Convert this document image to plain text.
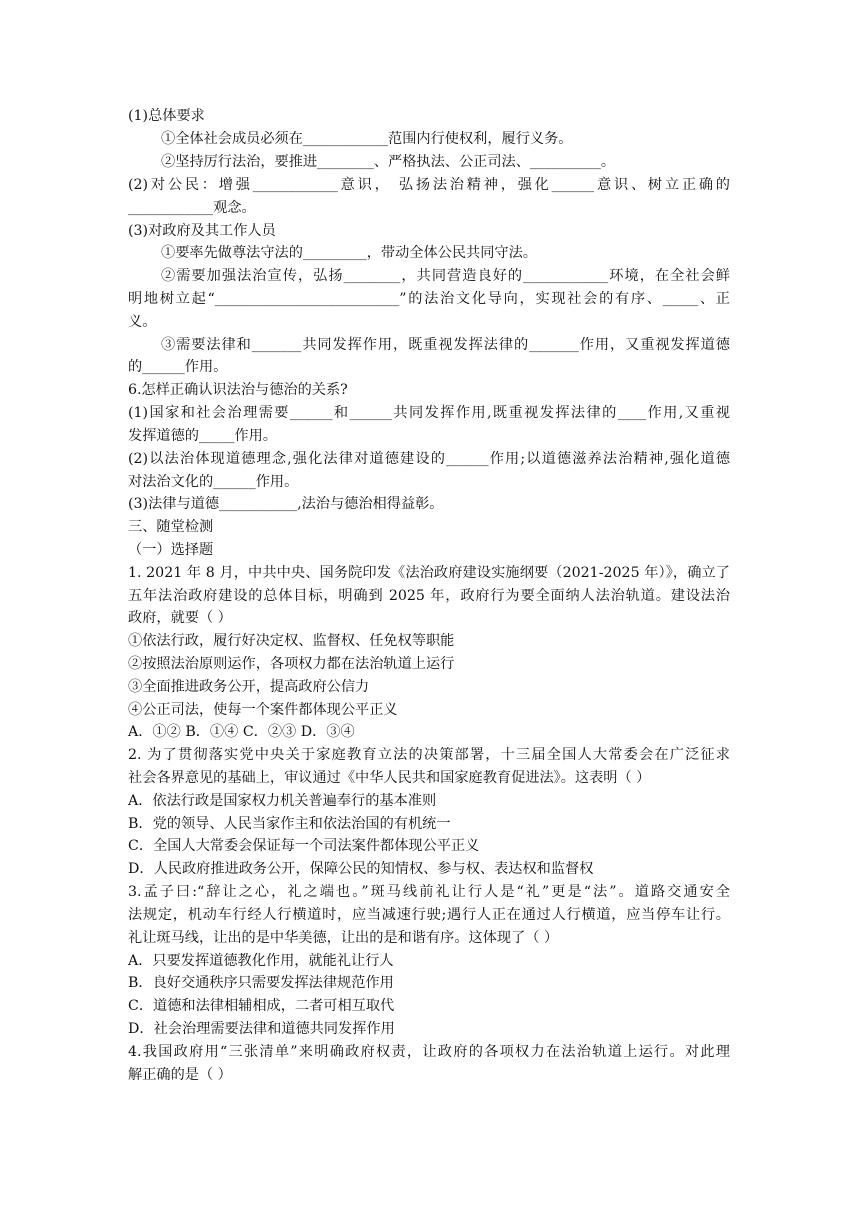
(1)总体要求
①全体社会成员必须在____________范围内行使权利，履行义务。
②坚持厉行法治，要推进________、严格执法、公正司法、__________。
(2)对公民：增强____________意识， 弘扬法治精神，强化______意识、树立正确的
____________观念。
(3)对政府及其工作人员
①要率先做尊法守法的_________，带动全体公民共同守法。
②需要加强法治宣传，弘扬________，共同营造良好的____________环境，在全社会鲜
明地树立起“__________________________”的法治文化导向，实现社会的有序、_____、正
义。
③需要法律和_______共同发挥作用，既重视发挥法律的_______作用，又重视发挥道德
的______作用。
6.怎样正确认识法治与德治的关系?
(1)国家和社会治理需要______和______共同发挥作用,既重视发挥法律的____作用,又重视
发挥道德的_____作用。
(2)以法治体现道德理念,强化法律对道德建设的______作用;以道德滋养法治精神,强化道德
对法治文化的______作用。
(3)法律与道德___________,法治与德治相得益彰。
三、随堂检测
（一）选择题
1. 2021 年 8 月，中共中央、国务院印发《法治政府建设实施纲要（2021-2025 年）》，确立了
五年法治政府建设的总体目标，明确到 2025 年，政府行为要全面纳人法治轨道。建设法治
政府，就要（ ）
①依法行政，履行好决定权、监督权、任免权等职能
②按照法治原则运作，各项权力都在法治轨道上运行
③全面推进政务公开，提高政府公信力
④公正司法，使每一个案件都体现公平正义
A．①② B．①④ C．②③ D．③④
2. 为了贯彻落实党中央关于家庭教育立法的决策部署，十三届全国人大常委会在广泛征求
社会各界意见的基础上，审议通过《中华人民共和国家庭教育促进法》。这表明（ ）
A．依法行政是国家权力机关普遍奉行的基本准则
B．党的领导、人民当家作主和依法治国的有机统一
C．全国人大常委会保证每一个司法案件都体现公平正义
D．人民政府推进政务公开，保障公民的知情权、参与权、表达权和监督权
3.孟子曰:“辞让之心，礼之端也。”斑马线前礼让行人是“礼”更是“法”。道路交通安全
法规定，机动车行经人行横道时，应当减速行驶;遇行人正在通过人行横道，应当停车让行。
礼让斑马线，让出的是中华美德，让出的是和谐有序。这体现了（ ）
A．只要发挥道德教化作用，就能礼让行人
B．良好交通秩序只需要发挥法律规范作用
C．道德和法律相辅相成，二者可相互取代
D．社会治理需要法律和道德共同发挥作用
4.我国政府用“三张清单”来明确政府权责，让政府的各项权力在法治轨道上运行。对此理
解正确的是（ ）
